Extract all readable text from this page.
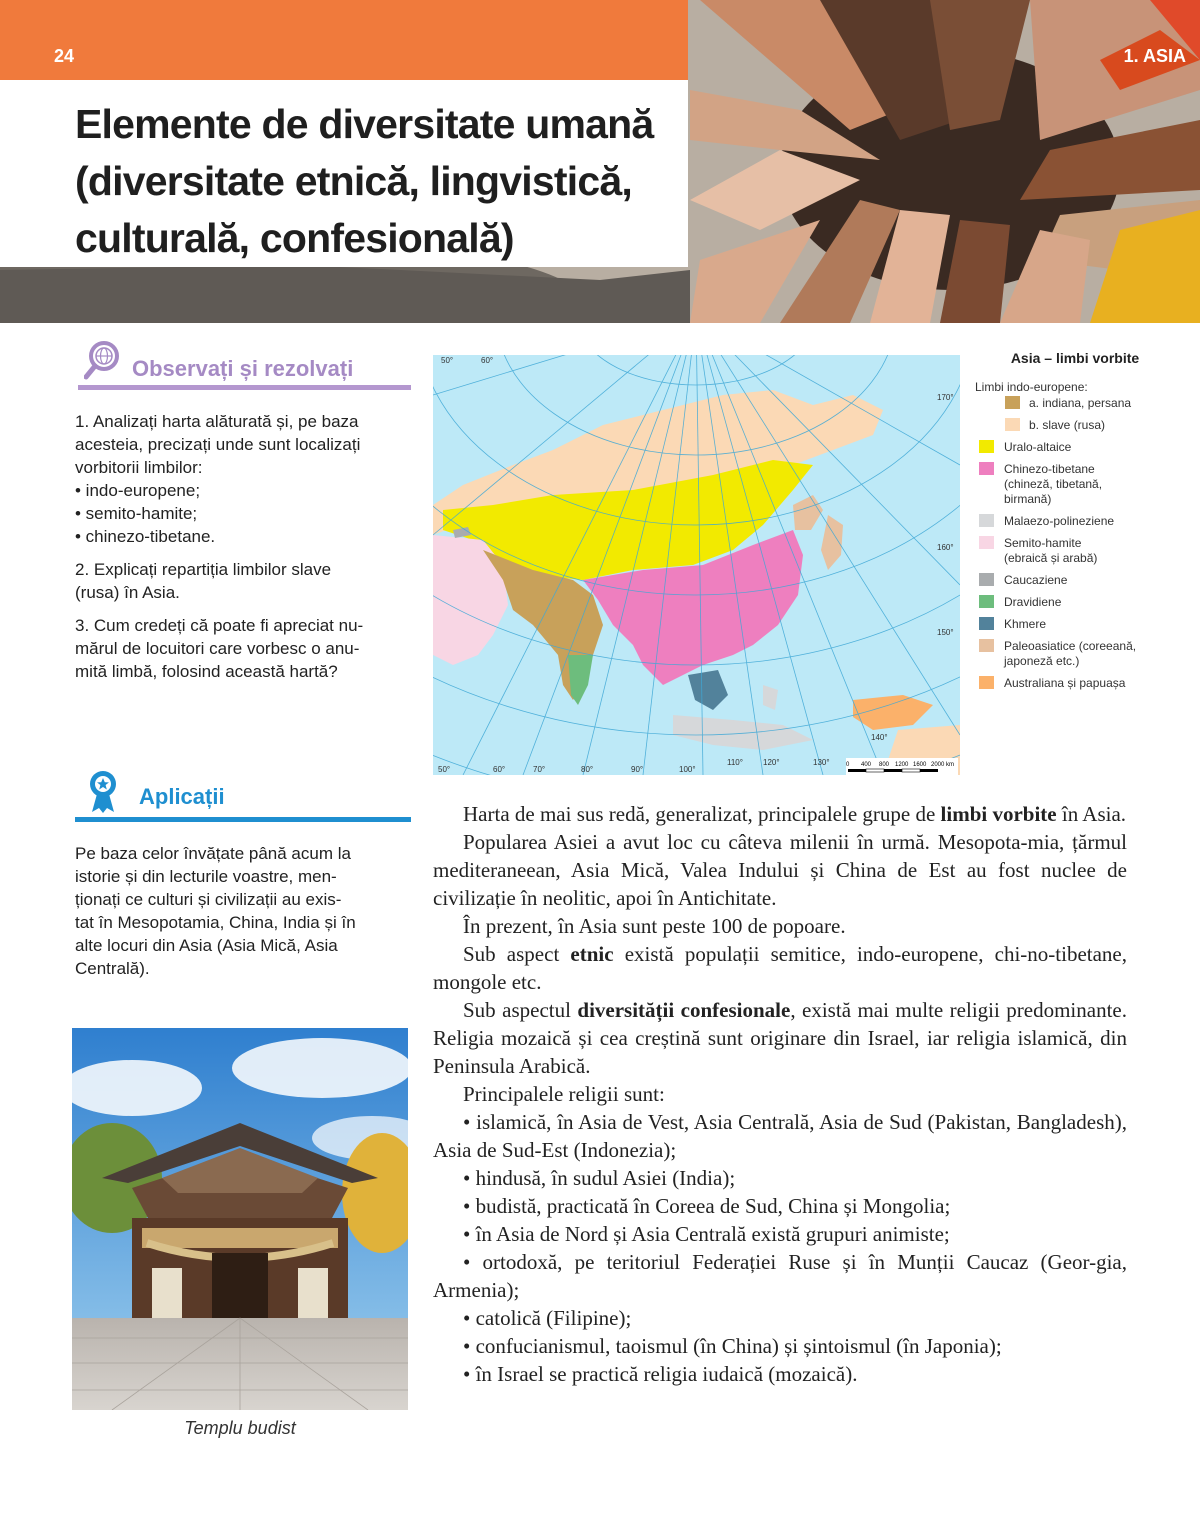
24	1. ASIA
Elemente de diversitate umană (diversitate etnică, lingvistică, culturală, confesională)
Observați și rezolvați

1. Analizați harta alăturată și, pe baza
acesteia, precizați unde sunt localizați
vorbitorii limbilor:
• indo-europene;
• semito-hamite;
• chinezo-tibetane.

2. Explicați repartiția limbilor slave
(rusa) în Asia.

3. Cum credeți că poate fi apreciat nu-
mărul de locuitori care vorbesc o anu-
mită limbă, folosind această hartă?

Aplicații

Pe baza celor învățate până acum la
istorie și din lecturile voastre, men-
ționați ce culturi și civilizații au exis-
tat în Mesopotamia, China, India și în
alte locuri din Asia (Asia Mică, Asia
Centrală).

50°	60°
50°	60°	70°	80°	90°	100°
110°	120°	130°
140°
150°
160°
170°
0 400 800 1200 1600 2000 km
Asia – limbi vorbite
Limbi indo-europene:
a. indiana, persana
b. slave (rusa)
Uralo-altaice
Chinezo-tibetane
(chineză, tibetană,
birmană)
Malaezo-polineziene
Semito-hamite
(ebraică și arabă)
Caucaziene
Dravidiene
Khmere
Paleoasiatice (coreeană,
japoneză etc.)
Australiana și papuașa
Templu budist

Harta de mai sus redă, generalizat, principalele grupe de limbi vorbite în Asia.

Popularea Asiei a avut loc cu câteva milenii în urmă. Mesopota-mia, țărmul mediteraneean, Asia Mică, Valea Indului și China de Est au fost nuclee de civilizație în neolitic, apoi în Antichitate.

În prezent, în Asia sunt peste 100 de popoare.

Sub aspect etnic există populații semitice, indo-europene, chi-no-tibetane, mongole etc.

Sub aspectul diversității confesionale, există mai multe religii predominante. Religia mozaică și cea creștină sunt originare din Israel, iar religia islamică, din Peninsula Arabică.

Principalele religii sunt:

• islamică, în Asia de Vest, Asia Centrală, Asia de Sud (Pakistan, Bangladesh), Asia de Sud-Est (Indonezia);

• hindusă, în sudul Asiei (India);

• budistă, practicată în Coreea de Sud, China și Mongolia;

• în Asia de Nord și Asia Centrală există grupuri animiste;

• ortodoxă, pe teritoriul Federației Ruse și în Munții Caucaz (Geor-gia, Armenia);

• catolică (Filipine);

• confucianismul, taoismul (în China) și șintoismul (în Japonia);

• în Israel se practică religia iudaică (mozaică).
